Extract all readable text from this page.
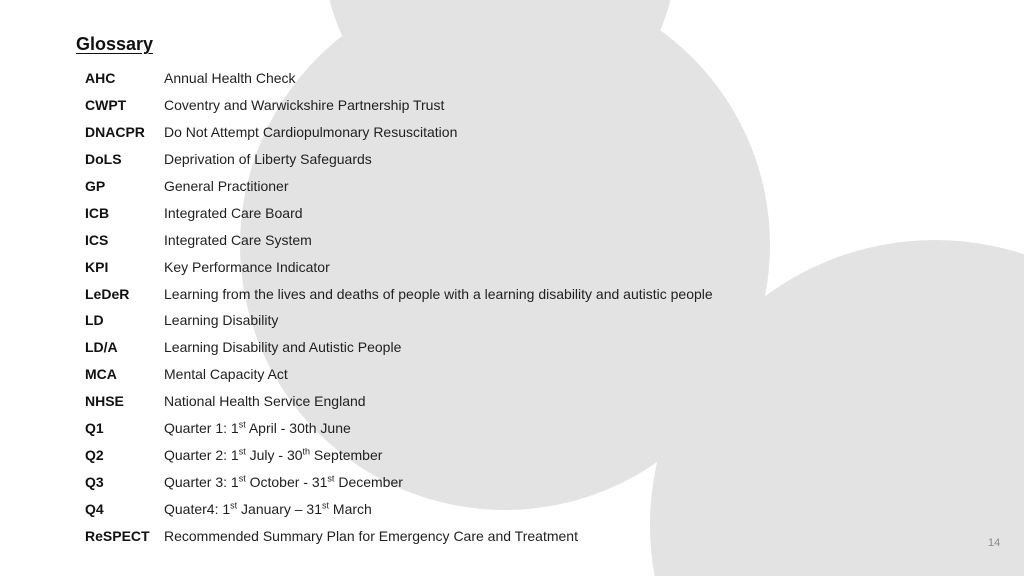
Glossary
AHC	Annual Health Check
CWPT	Coventry and Warwickshire Partnership Trust
DNACPR	Do Not Attempt Cardiopulmonary Resuscitation
DoLS	Deprivation of Liberty Safeguards
GP	General Practitioner
ICB	Integrated Care Board
ICS	Integrated Care System
KPI	Key Performance Indicator
LeDeR	Learning from the lives and deaths of people with a learning disability and autistic people
LD	Learning Disability
LD/A	Learning Disability and Autistic People
MCA	Mental Capacity Act
NHSE	National Health Service England
Q1	Quarter 1: 1st April - 30th June
Q2	Quarter 2: 1st July - 30th September
Q3	Quarter 3: 1st October - 31st December
Q4	Quater4: 1st January – 31st March
ReSPECT	Recommended Summary Plan for Emergency Care and Treatment	14
